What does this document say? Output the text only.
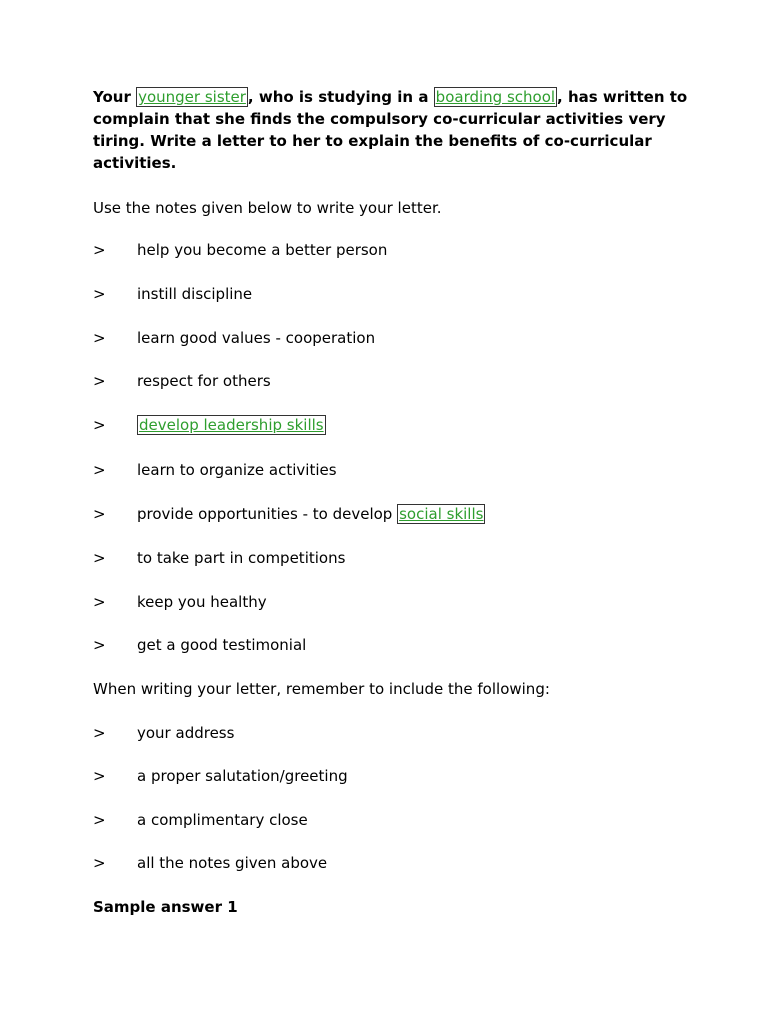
Your younger sister , who is studying in a boarding school , has written to complain that she finds the compulsory co-curricular activities very tiring. Write a letter to her to explain the benefits of co-curricular activities.

Use the notes given below to write your letter.

> help you become a better person
> instill discipline
> learn good values - cooperation
> respect for others
> develop leadership skills
> learn to organize activities
> provide opportunities - to develop social skills
> to take part in competitions
> keep you healthy
> get a good testimonial

When writing your letter, remember to include the following:

> your address
> a proper salutation/greeting
> a complimentary close
> all the notes given above
Sample answer 1
